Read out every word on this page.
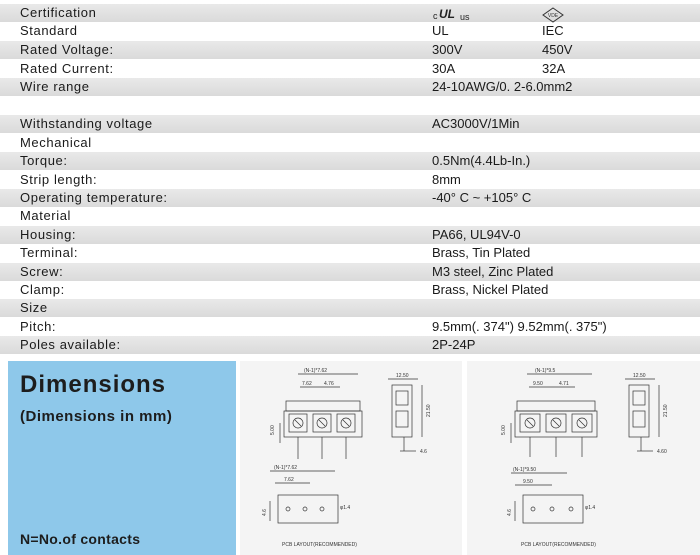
Certification	c UL us	VDE
Standard	UL	IEC
Rated Voltage:	300V	450V
Rated Current:	30A	32A
Wire range	24-10AWG/0. 2-6.0mm2
Withstanding voltage	AC3000V/1Min
Mechanical
Torque:	0.5Nm(4.4Lb-In.)
Strip length:	8mm
Operating temperature:	-40° C ~ +105° C
Material
Housing:	PA66, UL94V-0
Terminal:	Brass, Tin Plated
Screw:	M3 steel, Zinc Plated
Clamp:	Brass, Nickel Plated
Size
Pitch:	9.5mm(. 374") 9.52mm(. 375")
Poles available:	2P-24P
Dimensions
(Dimensions in mm)
N=No.of contacts
(N-1)*7.62
7.62 4.76
5.00
12.50
21.50
4.6
(N-1)*7.62
7.62
4.6
φ1.4
PCB LAYOUT(RECOMMENDED)
(N-1)*9.5
9.50	4.71
5.00
12.50
21.50
4.60
(N-1)*9.50
9.50
4.6
φ1.4
PCB LAYOUT(RECOMMENDED)
